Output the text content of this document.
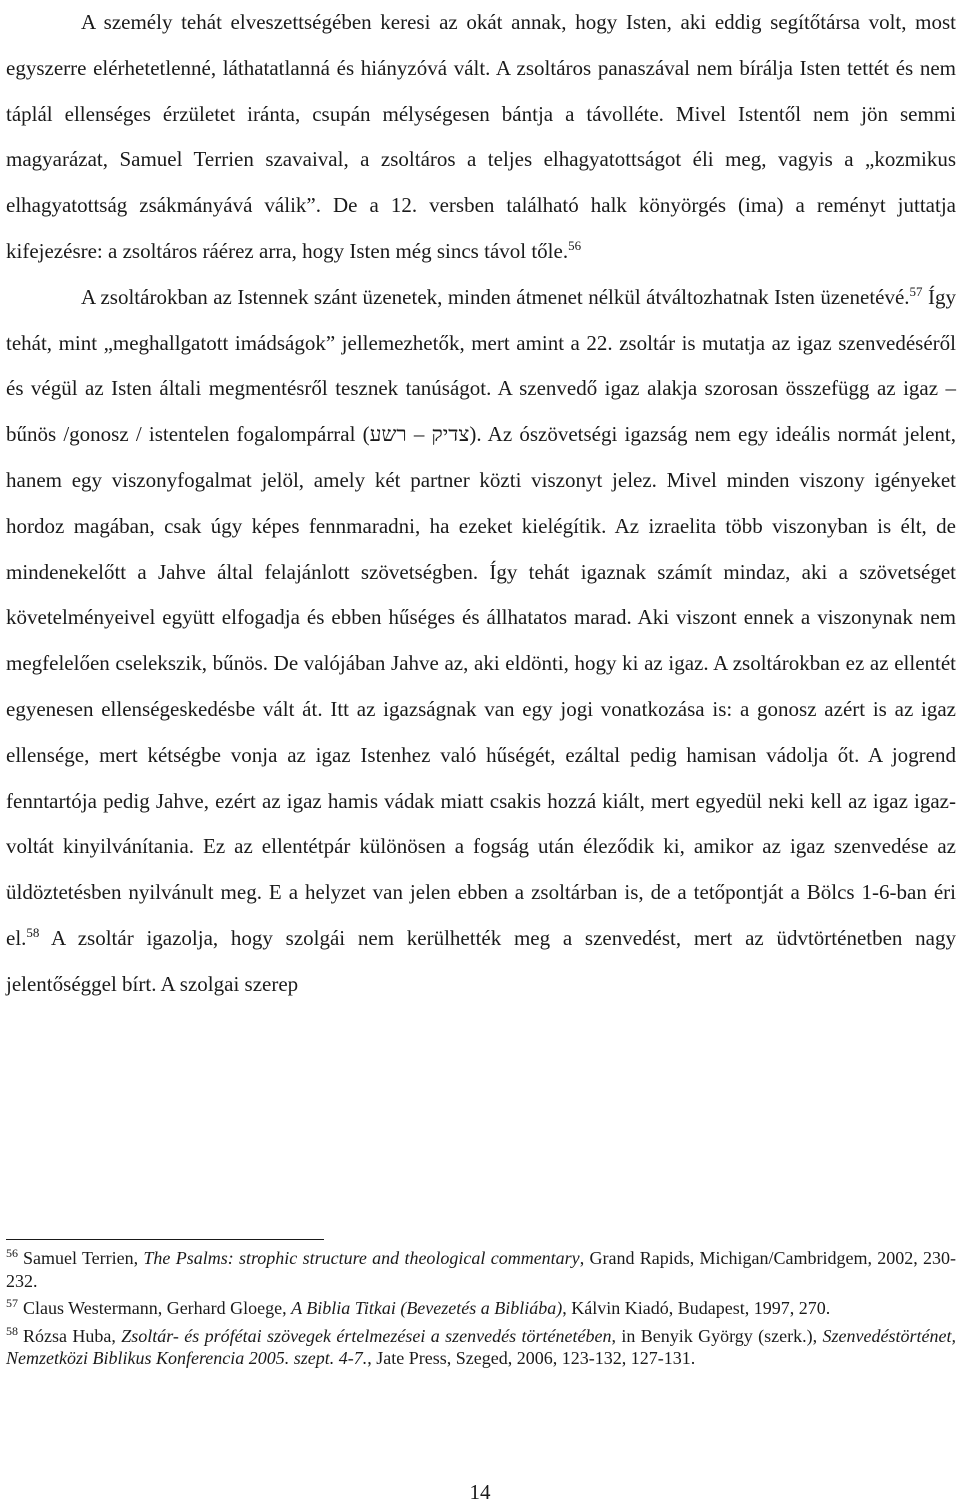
A személy tehát elveszettségében keresi az okát annak, hogy Isten, aki eddig segítőtársa volt, most egyszerre elérhetetlenné, láthatatlanná és hiányzóvá vált. A zsoltáros panaszával nem bírálja Isten tettét és nem táplál ellenséges érzületet iránta, csupán mélységesen bántja a távolléte. Mivel Istentől nem jön semmi magyarázat, Samuel Terrien szavaival, a zsoltáros a teljes elhagyatottságot éli meg, vagyis a „kozmikus elhagyatottság zsákmányává válik”. De a 12. versben található halk könyörgés (ima) a reményt juttatja kifejezésre: a zsoltáros ráérez arra, hogy Isten még sincs távol tőle.$^{56}$

A zsoltárokban az Istennek szánt üzenetek, minden átmenet nélkül átváltozhatnak Isten üzenetévé.$^{57}$ Így tehát, mint „meghallgatott imádságok” jellemezhetők, mert amint a 22. zsoltár is mutatja az igaz szenvedéséről és végül az Isten általi megmentésről tesznek tanúságot. A szenvedő igaz alakja szorosan összefügg az igaz – bűnös /gonosz / istentelen fogalompárral (צדיק – רשע). Az ószövetségi igazság nem egy ideális normát jelent, hanem egy viszonyfogalmat jelöl, amely két partner közti viszonyt jelez. Mivel minden viszony igényeket hordoz magában, csak úgy képes fennmaradni, ha ezeket kielégítik. Az izraelita több viszonyban is élt, de mindenekelőtt a Jahve által felajánlott szövetségben. Így tehát igaznak számít mindaz, aki a szövetséget követelményeivel együtt elfogadja és ebben hűséges és állhatatos marad. Aki viszont ennek a viszonynak nem megfelelően cselekszik, bűnös. De valójában Jahve az, aki eldönti, hogy ki az igaz. A zsoltárokban ez az ellentét egyenesen ellenségeskedésbe vált át. Itt az igazságnak van egy jogi vonatkozása is: a gonosz azért is az igaz ellensége, mert kétségbe vonja az igaz Istenhez való hűségét, ezáltal pedig hamisan vádolja őt. A jogrend fenntartója pedig Jahve, ezért az igaz hamis vádak miatt csakis hozzá kiált, mert egyedül neki kell az igaz igaz-voltát kinyilvánítania. Ez az ellentétpár különösen a fogság után éleződik ki, amikor az igaz szenvedése az üldöztetésben nyilvánult meg. E a helyzet van jelen ebben a zsoltárban is, de a tetőpontját a Bölcs 1-6-ban éri el.$^{58}$ A zsoltár igazolja, hogy szolgái nem kerülhették meg a szenvedést, mert az üdvtörténetben nagy jelentőséggel bírt. A szolgai szerep

$^{56}$ Samuel Terrien, The Psalms: strophic structure and theological commentary, Grand Rapids, Michigan/Cambridgem, 2002, 230-232.

$^{57}$ Claus Westermann, Gerhard Gloege, A Biblia Titkai (Bevezetés a Bibliába), Kálvin Kiadó, Budapest, 1997, 270.

$^{58}$ Rózsa Huba, Zsoltár- és prófétai szövegek értelmezései a szenvedés történetében, in Benyik György (szerk.), Szenvedéstörténet, Nemzetközi Biblikus Konferencia 2005. szept. 4-7., Jate Press, Szeged, 2006, 123-132, 127-131.

14
